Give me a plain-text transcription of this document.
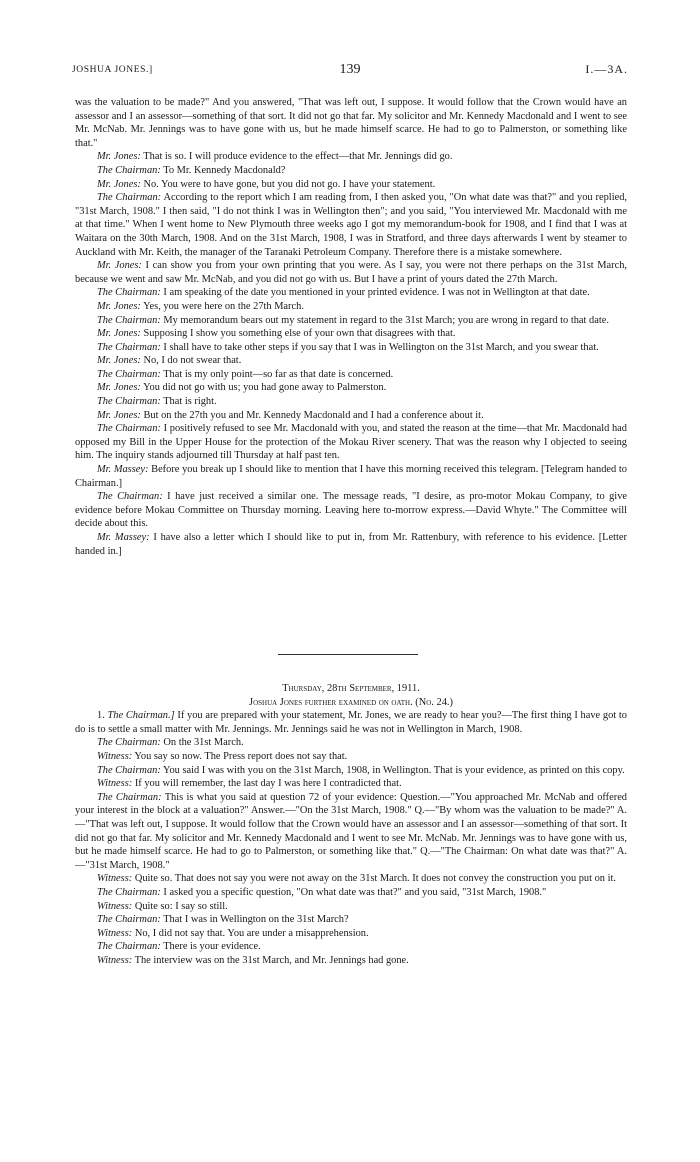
JOSHUA JONES.]	139	I.—3A.

was the valuation to be made?" And you answered, "That was left out, I suppose. It would follow that the Crown would have an assessor and I an assessor—something of that sort. It did not go that far. My solicitor and Mr. Kennedy Macdonald and I went to see Mr. McNab. Mr. Jennings was to have gone with us, but he made himself scarce. He had to go to Palmerston, or something like that."

Mr. Jones: That is so. I will produce evidence to the effect—that Mr. Jennings did go.

The Chairman: To Mr. Kennedy Macdonald?

Mr. Jones: No. You were to have gone, but you did not go. I have your statement.

The Chairman: According to the report which I am reading from, I then asked you, "On what date was that?" and you replied, "31st March, 1908." I then said, "I do not think I was in Wellington then"; and you said, "You interviewed Mr. Macdonald with me at that time." When I went home to New Plymouth three weeks ago I got my memorandum-book for 1908, and I find that I was at Waitara on the 30th March, 1908. And on the 31st March, 1908, I was in Stratford, and three days afterwards I went by steamer to Auckland with Mr. Keith, the manager of the Taranaki Petroleum Company. Therefore there is a mistake somewhere.

Mr. Jones: I can show you from your own printing that you were. As I say, you were not there perhaps on the 31st March, because we went and saw Mr. McNab, and you did not go with us. But I have a print of yours dated the 27th March.

The Chairman: I am speaking of the date you mentioned in your printed evidence. I was not in Wellington at that date.

Mr. Jones: Yes, you were here on the 27th March.

The Chairman: My memorandum bears out my statement in regard to the 31st March; you are wrong in regard to that date.

Mr. Jones: Supposing I show you something else of your own that disagrees with that.

The Chairman: I shall have to take other steps if you say that I was in Wellington on the 31st March, and you swear that.

Mr. Jones: No, I do not swear that.

The Chairman: That is my only point—so far as that date is concerned.

Mr. Jones: You did not go with us; you had gone away to Palmerston.

The Chairman: That is right.

Mr. Jones: But on the 27th you and Mr. Kennedy Macdonald and I had a conference about it.

The Chairman: I positively refused to see Mr. Macdonald with you, and stated the reason at the time—that Mr. Macdonald had opposed my Bill in the Upper House for the protection of the Mokau River scenery. That was the reason why I objected to seeing him. The inquiry stands adjourned till Thursday at half past ten.

Mr. Massey: Before you break up I should like to mention that I have this morning received this telegram. [Telegram handed to Chairman.]

The Chairman: I have just received a similar one. The message reads, "I desire, as pro-motor Mokau Company, to give evidence before Mokau Committee on Thursday morning. Leaving here to-morrow express.—David Whyte." The Committee will decide about this.

Mr. Massey: I have also a letter which I should like to put in, from Mr. Rattenbury, with reference to his evidence. [Letter handed in.]

Thursday, 28th September, 1911.

Joshua Jones further examined on oath. (No. 24.)

1. The Chairman.] If you are prepared with your statement, Mr. Jones, we are ready to hear you?—The first thing I have got to do is to settle a small matter with Mr. Jennings. Mr. Jennings said he was not in Wellington in March, 1908.

The Chairman: On the 31st March.

Witness: You say so now. The Press report does not say that.

The Chairman: You said I was with you on the 31st March, 1908, in Wellington. That is your evidence, as printed on this copy.

Witness: If you will remember, the last day I was here I contradicted that.

The Chairman: This is what you said at question 72 of your evidence: Question.—"You approached Mr. McNab and offered your interest in the block at a valuation?" Answer.—"On the 31st March, 1908." Q.—"By whom was the valuation to be made?" A.—"That was left out, I suppose. It would follow that the Crown would have an assessor and I an assessor—something of that sort. It did not go that far. My solicitor and Mr. Kennedy Macdonald and I went to see Mr. McNab. Mr. Jennings was to have gone with us, but he made himself scarce. He had to go to Palmerston, or something like that." Q.—"The Chairman: On what date was that?" A.—"31st March, 1908."

Witness: Quite so. That does not say you were not away on the 31st March. It does not convey the construction you put on it.

The Chairman: I asked you a specific question, "On what date was that?" and you said, "31st March, 1908."

Witness: Quite so: I say so still.

The Chairman: That I was in Wellington on the 31st March?

Witness: No, I did not say that. You are under a misapprehension.

The Chairman: There is your evidence.

Witness: The interview was on the 31st March, and Mr. Jennings had gone.
